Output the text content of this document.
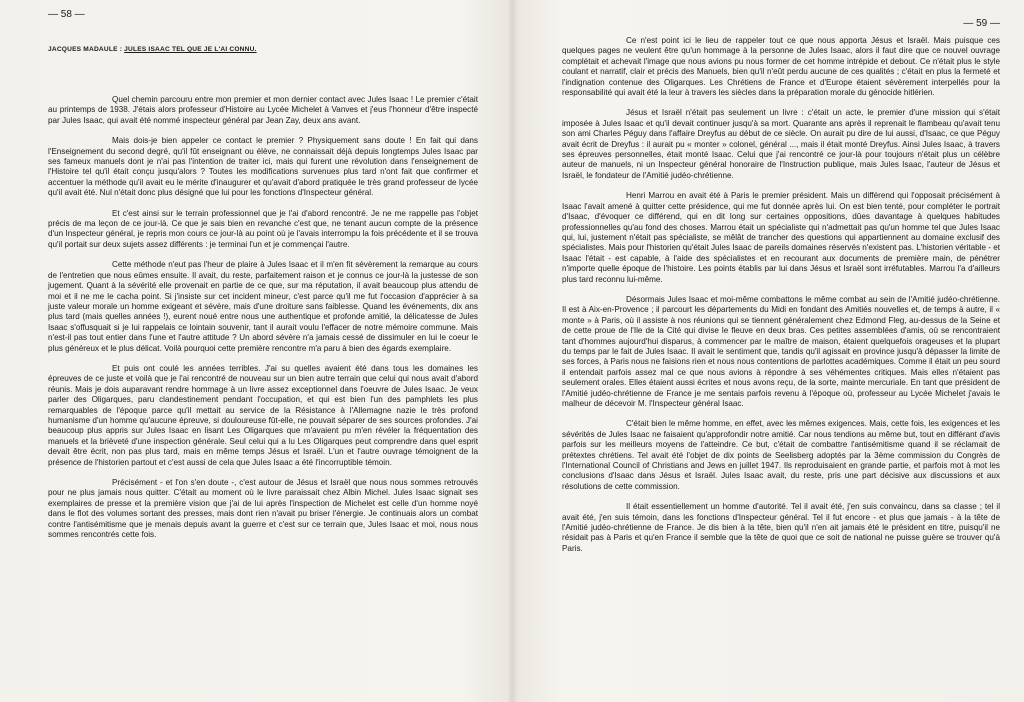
— 58 —
JACQUES MADAULE : JULES ISAAC TEL QUE JE L'AI CONNU.

Quel chemin parcouru entre mon premier et mon dernier contact avec Jules Isaac ! Le premier c'était au printemps de 1938. J'étais alors professeur d'Histoire au Lycée Michelet à Vanves et j'eus l'honneur d'être inspecté par Jules Isaac, qui avait été nommé inspecteur général par Jean Zay, deux ans avant.

Mais dois-je bien appeler ce contact le premier ? Physiquement sans doute ! En fait qui dans l'Enseignement du second degré, qu'il fût enseignant ou élève, ne connaissait déjà depuis longtemps Jules Isaac par ses fameux manuels dont je n'ai pas l'intention de traiter ici, mais qui furent une révolution dans l'enseignement de l'Histoire tel qu'il était conçu jusqu'alors ? Toutes les modifications survenues plus tard n'ont fait que confirmer et accentuer la méthode qu'il avait eu le mérite d'inaugurer et qu'avait d'abord pratiquée le très grand professeur de lycée qu'il avait été. Nul n'était donc plus désigné que lui pour les fonctions d'Inspecteur général.

Et c'est ainsi sur le terrain professionnel que je l'ai d'abord rencontré. Je ne me rappelle pas l'objet précis de ma leçon de ce jour-là. Ce que je sais bien en revanche c'est que, ne tenant aucun compte de la présence d'un Inspecteur général, je repris mon cours ce jour-là au point où je l'avais interrompu la fois précédente et il se trouva qu'il portait sur deux sujets assez différents : je terminai l'un et je commençai l'autre.

Cette méthode n'eut pas l'heur de plaire à Jules Isaac et il m'en fit sévèrement la remarque au cours de l'entretien que nous eûmes ensuite. Il avait, du reste, parfaitement raison et je connus ce jour-là la justesse de son jugement. Quant à la sévérité elle provenait en partie de ce que, sur ma réputation, il avait beaucoup plus attendu de moi et il ne me le cacha point. Si j'insiste sur cet incident mineur, c'est parce qu'il me fut l'occasion d'apprécier à sa juste valeur morale un homme exigeant et sévère, mais d'une droiture sans faiblesse. Quand les événements, dix ans plus tard (mais quelles années !), eurent noué entre nous une authentique et profonde amitié, la délicatesse de Jules Isaac s'offusquait si je lui rappelais ce lointain souvenir, tant il aurait voulu l'effacer de notre mémoire commune. Mais n'est-il pas tout entier dans l'une et l'autre attitude ? Un abord sévère n'a jamais cessé de dissimuler en lui le coeur le plus généreux et le plus délicat. Voilà pourquoi cette première rencontre m'a paru à bien des égards exemplaire.

Et puis ont coulé les années terribles. J'ai su quelles avaient été dans tous les domaines les épreuves de ce juste et voilà que je l'ai rencontré de nouveau sur un bien autre terrain que celui qui nous avait d'abord réunis. Mais je dois auparavant rendre hommage à un livre assez exceptionnel dans l'oeuvre de Jules Isaac. Je veux parler des Oligarques, paru clandestinement pendant l'occupation, et qui est bien l'un des pamphlets les plus remarquables de l'époque parce qu'il mettait au service de la Résistance à l'Allemagne nazie le très profond humanisme d'un homme qu'aucune épreuve, si douloureuse fût-elle, ne pouvait séparer de ses sources profondes. J'ai beaucoup plus appris sur Jules Isaac en lisant Les Oligarques que m'avaient pu m'en révéler la fréquentation des manuels et la brièveté d'une inspection générale. Seul celui qui a lu Les Oligarques peut comprendre dans quel esprit devait être écrit, non pas plus tard, mais en même temps Jésus et Israël. L'un et l'autre ouvrage témoignent de la présence de l'historien partout et c'est aussi de cela que Jules Isaac a été l'incorruptible témoin.

Précisément - et l'on s'en doute -, c'est autour de Jésus et Israël que nous nous sommes retrouvés pour ne plus jamais nous quitter. C'était au moment où le livre paraissait chez Albin Michel. Jules Isaac signait ses exemplaires de presse et la première vision que j'ai de lui après l'inspection de Michelet est celle d'un homme noyé dans le flot des volumes sortant des presses, mais dont rien n'avait pu briser l'énergie. Je continuais alors un combat contre l'antisémitisme que je menais depuis avant la guerre et c'est sur ce terrain que, Jules Isaac et moi, nous nous sommes rencontrés cette fois.

— 59 —

Ce n'est point ici le lieu de rappeler tout ce que nous apporta Jésus et Israël. Mais puisque ces quelques pages ne veulent être qu'un hommage à la personne de Jules Isaac, alors il faut dire que ce nouvel ouvrage complétait et achevait l'image que nous avions pu nous former de cet homme intrépide et debout. Ce n'était plus le style coulant et narratif, clair et précis des Manuels, bien qu'il n'eût perdu aucune de ces qualités ; c'était en plus la fermeté et l'indignation contenue des Oligarques. Les Chrétiens de France et d'Europe étaient sévèrement interpellés pour la responsabilité qui avait été la leur à travers les siècles dans la préparation morale du génocide hitlérien.

Jésus et Israël n'était pas seulement un livre : c'était un acte, le premier d'une mission qui s'était imposée à Jules Isaac et qu'il devait continuer jusqu'à sa mort. Quarante ans après il reprenait le flambeau qu'avait tenu son ami Charles Péguy dans l'affaire Dreyfus au début de ce siècle. On aurait pu dire de lui aussi, d'Isaac, ce que Péguy avait écrit de Dreyfus : il aurait pu « monter » colonel, général ..., mais il était monté Dreyfus. Ainsi Jules Isaac, à travers ses épreuves personnelles, était monté Isaac. Celui que j'ai rencontré ce jour-là pour toujours n'était plus un célèbre auteur de manuels, ni un Inspecteur général honoraire de l'Instruction publique, mais Jules Isaac, l'auteur de Jésus et Israël, le fondateur de l'Amitié judéo-chrétienne.

Henri Marrou en avait été à Paris le premier président. Mais un différend qui l'opposait précisément à Isaac l'avait amené à quitter cette présidence, qui me fut donnée après lui. On est bien tenté, pour compléter le portrait d'Isaac, d'évoquer ce différend, qui en dit long sur certaines oppositions, dûes davantage à quelques habitudes professionnelles qu'au fond des choses. Marrou était un spécialiste qui n'admettait pas qu'un homme tel que Jules Isaac qui, lui, justement n'était pas spécialiste, se mêlât de trancher des questions qui appartiennent au domaine exclusif des spécialistes. Mais pour l'historien qu'était Jules Isaac de pareils domaines réservés n'existent pas. L'historien véritable - et Isaac l'était - est capable, à l'aide des spécialistes et en recourant aux documents de première main, de pénétrer n'importe quelle époque de l'histoire. Les points établis par lui dans Jésus et Israël sont irréfutables. Marrou l'a d'ailleurs plus tard reconnu lui-même.

Désormais Jules Isaac et moi-même combattons le même combat au sein de l'Amitié judéo-chrétienne. Il est à Aix-en-Provence ; il parcourt les départements du Midi en fondant des Amitiés nouvelles et, de temps à autre, il « monte » à Paris, où il assiste à nos réunions qui se tiennent généralement chez Edmond Fleg, au-dessus de la Seine et de cette proue de l'Ile de la Cité qui divise le fleuve en deux bras. Ces petites assemblées d'amis, où se rencontraient tant d'hommes aujourd'hui disparus, à commencer par le maître de maison, étaient quelquefois orageuses et la plupart du temps par le fait de Jules Isaac. Il avait le sentiment que, tandis qu'il agissait en province jusqu'à dépasser la limite de ses forces, à Paris nous ne faisions rien et nous nous contentions de parlottes académiques. Comme il était un peu sourd il entendait parfois assez mal ce que nous avions à répondre à ses véhémentes critiques. Mais elles n'étaient pas seulement orales. Elles étaient aussi écrites et nous avons reçu, de la sorte, mainte mercuriale. En tant que président de l'Amitié judéo-chrétienne de France je me sentais parfois revenu à l'époque où, professeur au Lycée Michelet j'avais le malheur de décevoir M. l'Inspecteur général Isaac.

C'était bien le même homme, en effet, avec les mêmes exigences. Mais, cette fois, les exigences et les sévérités de Jules Isaac ne faisaient qu'approfondir notre amitié. Car nous tendions au même but, tout en différant d'avis parfois sur les meilleurs moyens de l'atteindre. Ce but, c'était de combattre l'antisémitisme quand il se réclamait de prétextes chrétiens. Tel avait été l'objet de dix points de Seelisberg adoptés par la 3ème commission du Congrès de l'International Council of Christians and Jews en juillet 1947. Ils reproduisaient en grande partie, et parfois mot à mot les conclusions d'Isaac dans Jésus et Israël. Jules Isaac avait, du reste, pris une part décisive aux discussions et aux résolutions de cette commission.

Il était essentiellement un homme d'autorité. Tel il avait été, j'en suis convaincu, dans sa classe ; tel il avait été, j'en suis témoin, dans les fonctions d'Inspecteur général. Tel il fut encore - et plus que jamais - à la tête de l'Amitié judéo-chrétienne de France. Je dis bien à la tête, bien qu'il n'en ait jamais été le président en titre, puisqu'il ne résidait pas à Paris et qu'en France il semble que la tête de quoi que ce soit de national ne puisse guère se trouver qu'à Paris.
